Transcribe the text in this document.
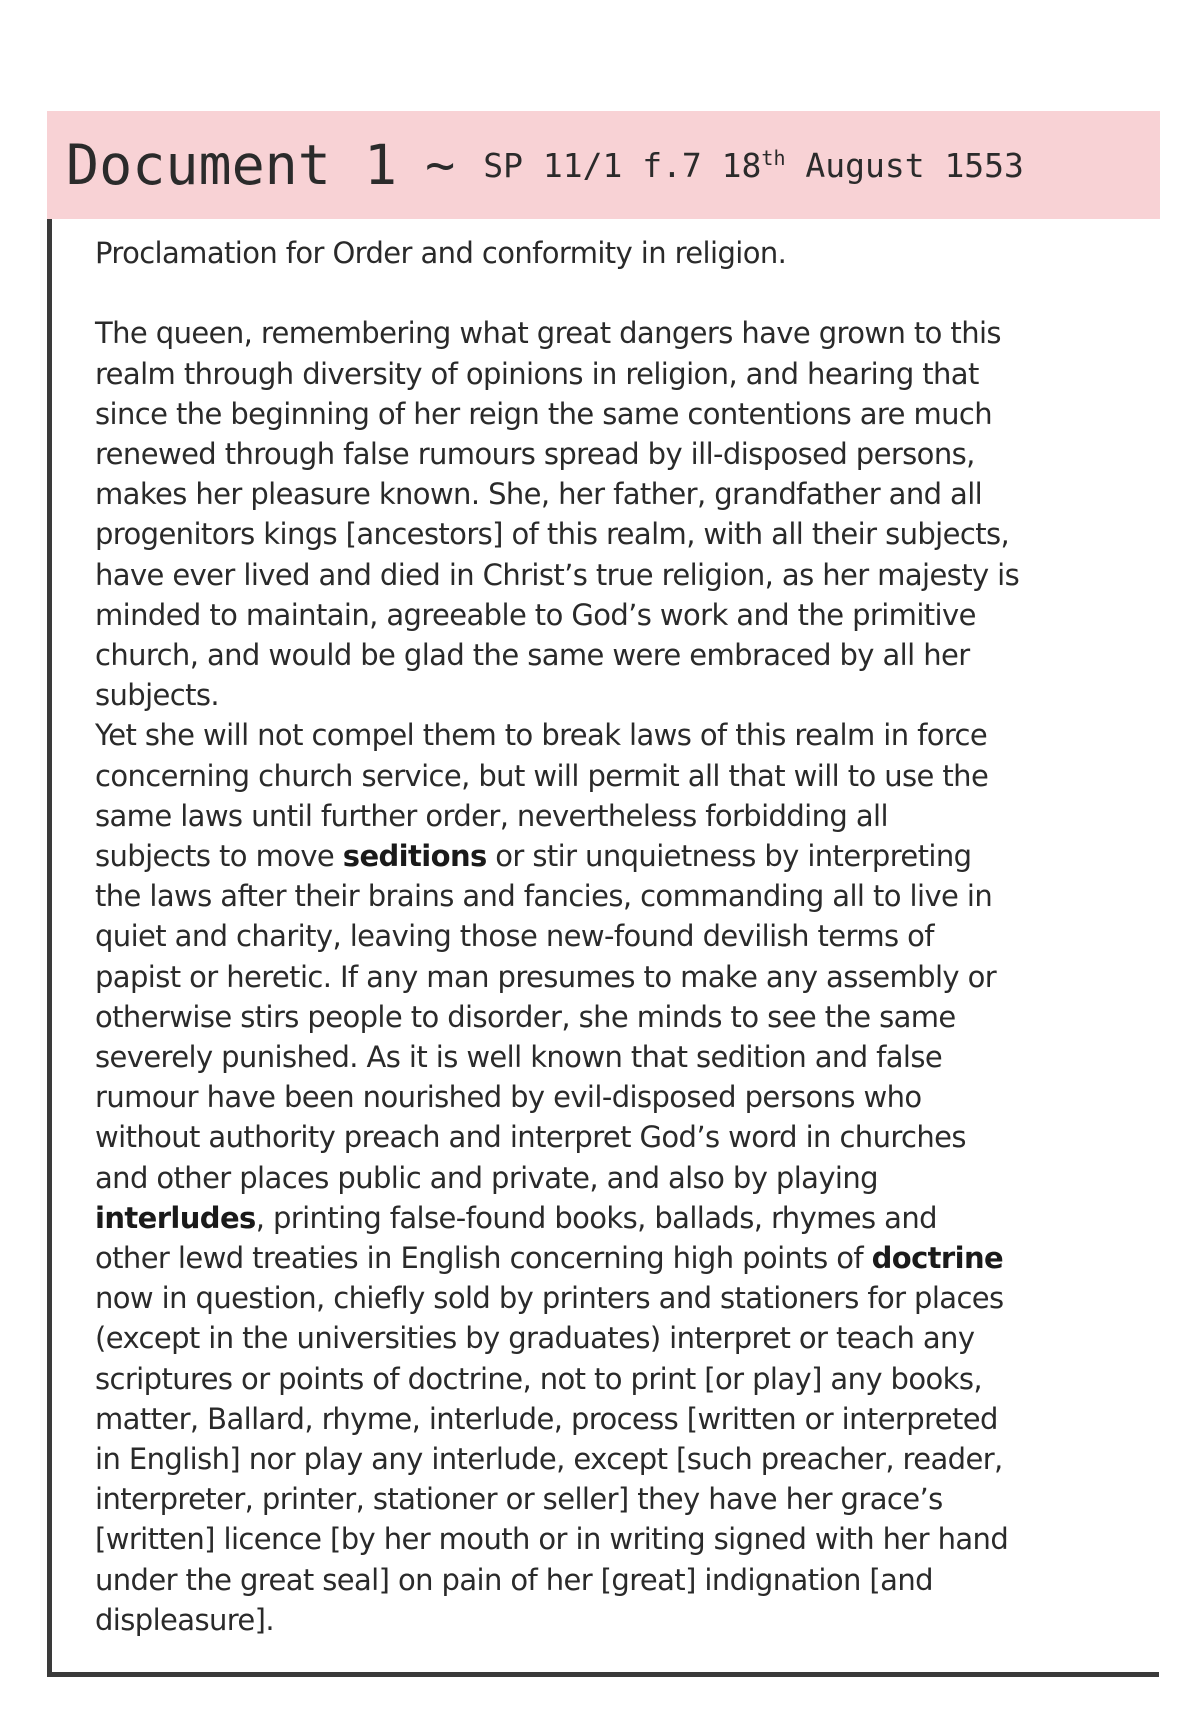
Document 1 ~ SP 11/1 f.7 18th August 1553
Proclamation for Order and conformity in religion.
The queen, remembering what great dangers have grown to this
realm through diversity of opinions in religion, and hearing that
since the beginning of her reign the same contentions are much
renewed through false rumours spread by ill-disposed persons,
makes her pleasure known. She, her father, grandfather and all
progenitors kings [ancestors] of this realm, with all their subjects,
have ever lived and died in Christ’s true religion, as her majesty is
minded to maintain, agreeable to God’s work and the primitive
church, and would be glad the same were embraced by all her
subjects.
Yet she will not compel them to break laws of this realm in force
concerning church service, but will permit all that will to use the
same laws until further order, nevertheless forbidding all
subjects to move seditions or stir unquietness by interpreting
the laws after their brains and fancies, commanding all to live in
quiet and charity, leaving those new-found devilish terms of
papist or heretic. If any man presumes to make any assembly or
otherwise stirs people to disorder, she minds to see the same
severely punished. As it is well known that sedition and false
rumour have been nourished by evil-disposed persons who
without authority preach and interpret God’s word in churches
and other places public and private, and also by playing
interludes, printing false-found books, ballads, rhymes and
other lewd treaties in English concerning high points of doctrine
now in question, chiefly sold by printers and stationers for places
(except in the universities by graduates) interpret or teach any
scriptures or points of doctrine, not to print [or play] any books,
matter, Ballard, rhyme, interlude, process [written or interpreted
in English] nor play any interlude, except [such preacher, reader,
interpreter, printer, stationer or seller] they have her grace’s
[written] licence [by her mouth or in writing signed with her hand
under the great seal] on pain of her [great] indignation [and
displeasure].
